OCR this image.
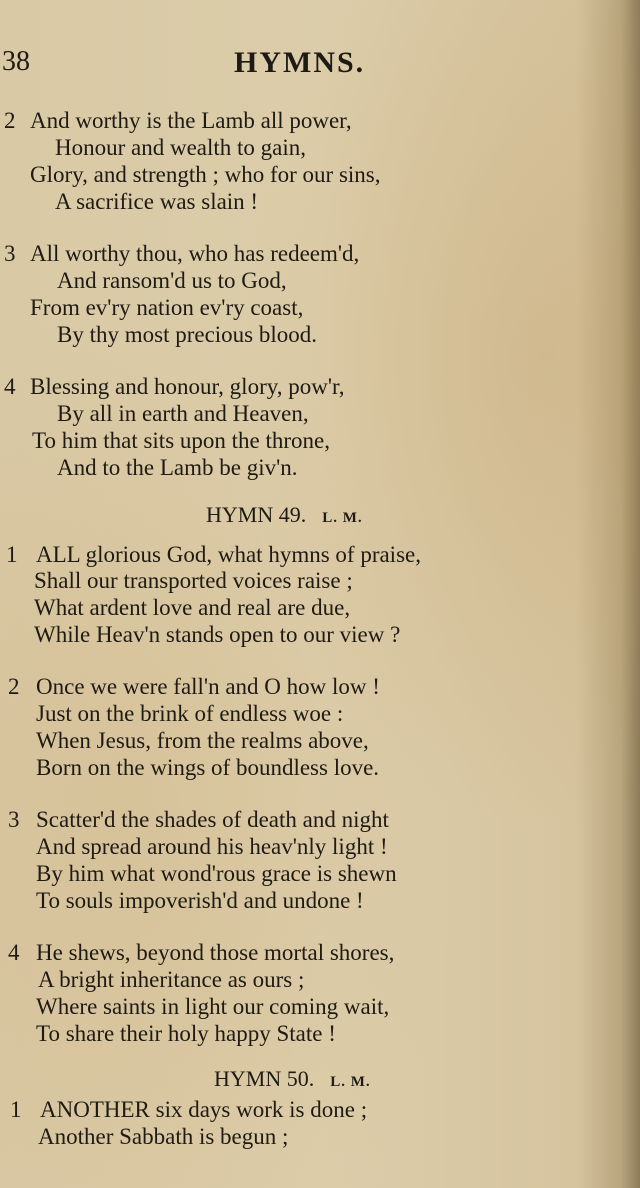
38	HYMNS.
2 And worthy is the Lamb all power,
Honour and wealth to gain,
Glory, and strength ; who for our sins,
A sacrifice was slain !
3 All worthy thou, who has redeem'd,
And ransom'd us to God,
From ev'ry nation ev'ry coast,
By thy most precious blood.
4 Blessing and honour, glory, pow'r,
By all in earth and Heaven,
To him that sits upon the throne,
And to the Lamb be giv'n.
HYMN 49. L. M.
1 ALL glorious God, what hymns of praise,
Shall our transported voices raise ;
What ardent love and real are due,
While Heav'n stands open to our view ?
2 Once we were fall'n and O how low !
Just on the brink of endless woe :
When Jesus, from the realms above,
Born on the wings of boundless love.
3 Scatter'd the shades of death and night
And spread around his heav'nly light !
By him what wond'rous grace is shewn
To souls impoverish'd and undone !
4 He shews, beyond those mortal shores,
A bright inheritance as ours ;
Where saints in light our coming wait,
To share their holy happy State !
HYMN 50. L. M.
1 ANOTHER six days work is done ;
Another Sabbath is begun ;
